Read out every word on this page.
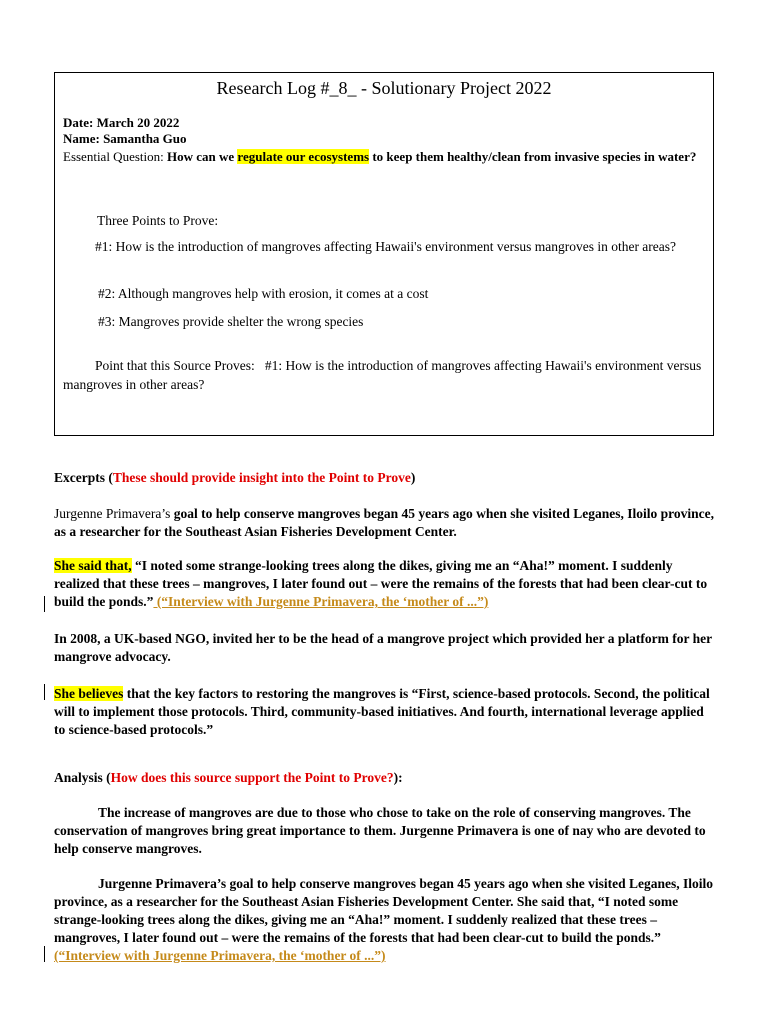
Research Log #_8_ - Solutionary Project 2022
Date: March 20 2022
Name: Samantha Guo
Essential Question: How can we regulate our ecosystems to keep them healthy/clean from invasive species in water?
Three Points to Prove:
#1: How is the introduction of mangroves affecting Hawaii's environment versus mangroves in other areas?
#2: Although mangroves help with erosion, it comes at a cost
#3: Mangroves provide shelter the wrong species
Point that this Source Proves: #1: How is the introduction of mangroves affecting Hawaii's environment versus mangroves in other areas?
Excerpts (These should provide insight into the Point to Prove)
Jurgenne Primavera’s goal to help conserve mangroves began 45 years ago when she visited Leganes, Iloilo province, as a researcher for the Southeast Asian Fisheries Development Center.
She said that, “I noted some strange-looking trees along the dikes, giving me an “Aha!” moment. I suddenly realized that these trees – mangroves, I later found out – were the remains of the forests that had been clear-cut to build the ponds.” (“Interview with Jurgenne Primavera, the ‘mother of ...”)
In 2008, a UK-based NGO, invited her to be the head of a mangrove project which provided her a platform for her mangrove advocacy.
She believes that the key factors to restoring the mangroves is “First, science-based protocols. Second, the political will to implement those protocols. Third, community-based initiatives. And fourth, international leverage applied to science-based protocols.”
Analysis (How does this source support the Point to Prove?):
The increase of mangroves are due to those who chose to take on the role of conserving mangroves. The conservation of mangroves bring great importance to them. Jurgenne Primavera is one of nay who are devoted to help conserve mangroves.
Jurgenne Primavera’s goal to help conserve mangroves began 45 years ago when she visited Leganes, Iloilo province, as a researcher for the Southeast Asian Fisheries Development Center. She said that, “I noted some strange-looking trees along the dikes, giving me an “Aha!” moment. I suddenly realized that these trees – mangroves, I later found out – were the remains of the forests that had been clear-cut to build the ponds.” (“Interview with Jurgenne Primavera, the ‘mother of ...”)
